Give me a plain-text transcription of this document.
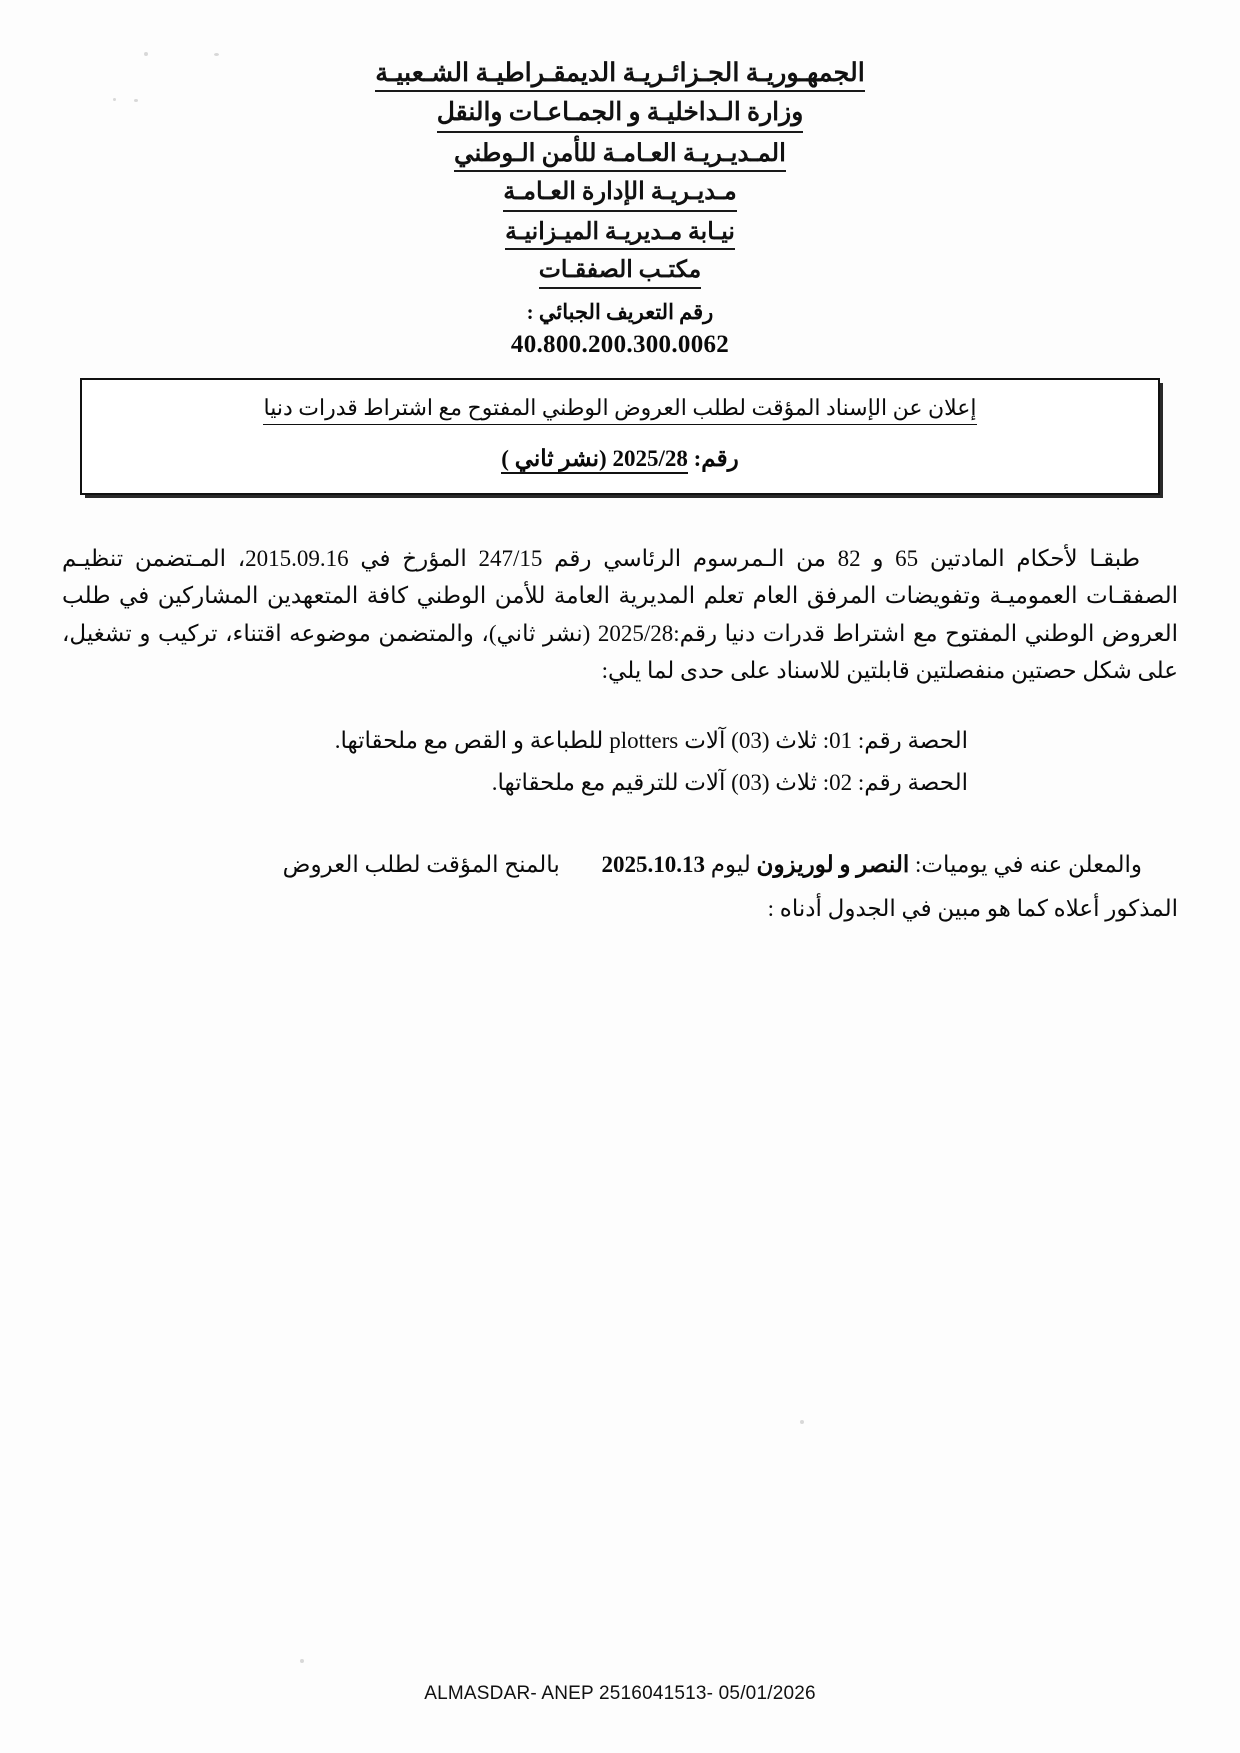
الجمهـوريـة الجـزائـريـة الديمقـراطيـة الشـعبيـة
وزارة الـداخليـة و الجمـاعـات والنقل
المـديـريـة العـامـة للأمن الـوطني
مـديـريـة الإدارة العـامـة
نيـابة مـديريـة الميـزانيـة
مكتـب الصفقـات
رقم التعريف الجبائي :
40.800.200.300.0062
إعلان عن الإسناد المؤقت لطلب العروض الوطني المفتوح مع اشتراط قدرات دنيا
رقم: 2025/28 (نشر ثاني )

طبقـا لأحكام المادتين 65 و 82 من الـمرسوم الرئاسي رقم 247/15 المؤرخ في 2015.09.16، المـتضمن تنظيـم الصفقـات العموميـة وتفويضات المرفق العام تعلم المديرية العامة للأمن الوطني كافة المتعهدين المشاركين في طلب العروض الوطني المفتوح مع اشتراط قدرات دنيا رقم:2025/28 (نشر ثاني)، والمتضمن موضوعه اقتناء، تركيب و تشغيل، على شكل حصتين منفصلتين قابلتين للاسناد على حدى لما يلي:

الحصة رقم: 01: ثلاث (03) آلاتplottersللطباعة و القص مع ملحقاتها.

الحصة رقم: 02: ثلاث (03) آلات للترقيم مع ملحقاتها.

والمعلن عنه في يوميات: النصر و لوريزون ليوم 2025.10.13 بالمنح المؤقت لطلب العروض

المذكور أعلاه كما هو مبين في الجدول أدناه :

ALMASDAR- ANEP 2516041513- 05/01/2026
